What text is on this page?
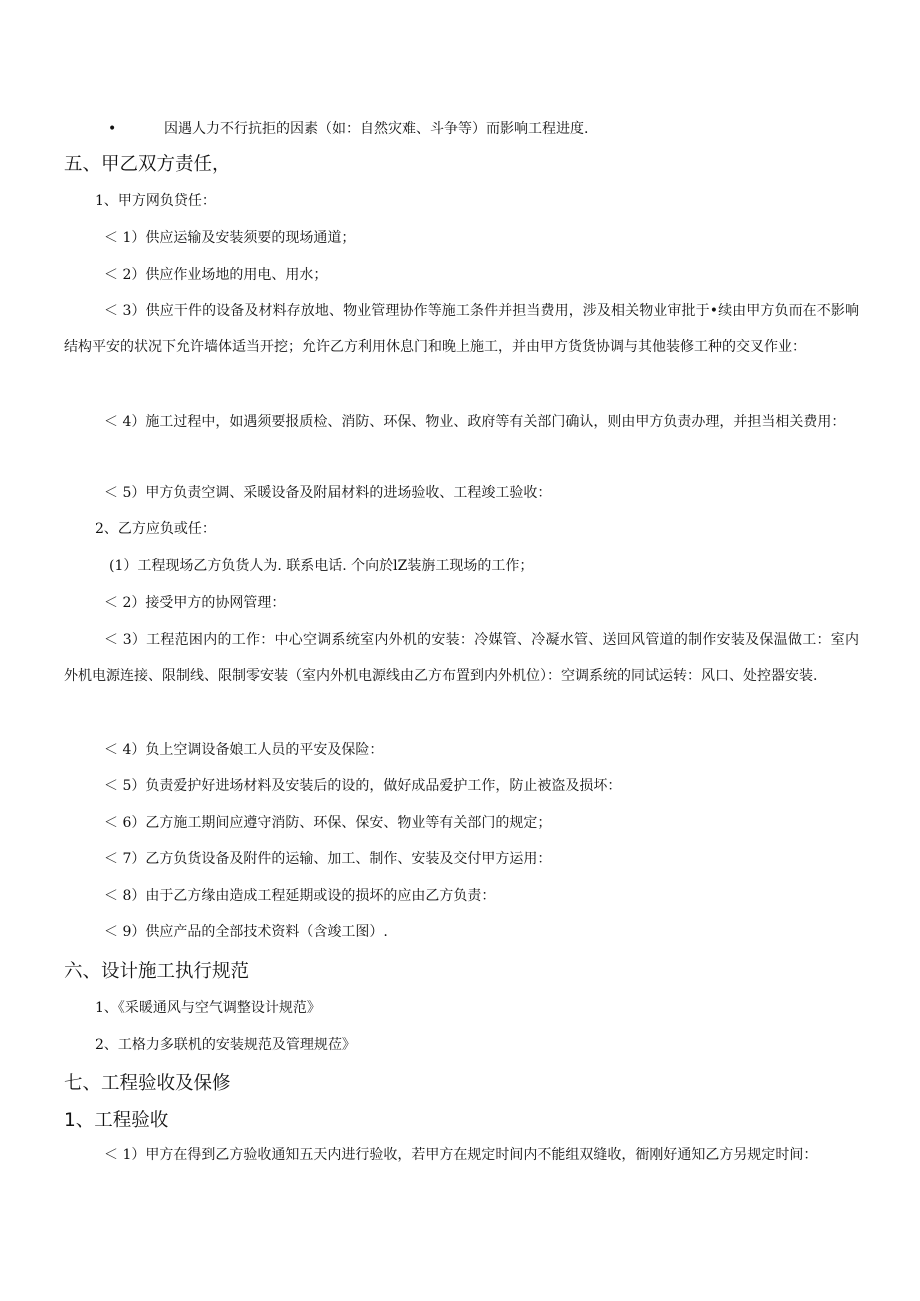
•	因遇人力不行抗拒的因素（如：自然灾难、斗争等）而影响工程进度.
五、甲乙双方责任，
1、甲方网负贷任：
＜ 1）供应运输及安装须要的现场通道；
＜ 2）供应作业场地的用电、用水；
＜ 3）供应干件的设备及材料存放地、物业管理协作等施工条件并担当费用，涉及相关物业审批于•续由甲方负而在不影响结构平安的状况下允许墙体适当开挖；允许乙方利用休息门和晚上施工，并由甲方货货协调与其他装修工种的交叉作业：
＜ 4）施工过程中，如遇须要报质检、消防、环保、物业、政府等有关部门确认，则由甲方负责办理，并担当相关费用：
＜ 5）甲方负责空调、采暖设备及附届材料的进场验收、工程竣工验收：
2、乙方应负或任：
(1）工程现场乙方负货人为. 联系电话. 个向於lZ装旃工现场的工作；
＜ 2）接受甲方的协网管理：
＜ 3）工程范困内的工作：中心空调系统室内外机的安装：冷媒管、冷凝水管、送回风管道的制作安装及保温做工：室内外机电源连接、限制线、限制零安装（室内外机电源线由乙方布置到内外机位）：空调系统的同试运转：风口、处控器安装.
＜ 4）负上空调设备娘工人员的平安及保险：
＜ 5）负责爱护好进场材料及安装后的设的，做好成品爱护工作，防止被盗及损坏：
＜ 6）乙方施工期间应遵守消防、环保、保安、物业等有关部门的规定；
＜ 7）乙方负货设备及附件的运输、加工、制作、安装及交付甲方运用：
＜ 8）由于乙方缘由造成工程延期或设的损坏的应由乙方负责：
＜ 9）供应产品的全部技术资料（含竣工图）.
六、设计施工执行规范
1、《采暖通风与空气调整设计规范》
2、工格力多联机的安装规范及管理规莅》
七、工程验收及保修
1、工程验收
＜ 1）甲方在得到乙方验收通知五天内进行验收，若甲方在规定时间内不能组双缝收，衙刚好通知乙方另规定时间：
